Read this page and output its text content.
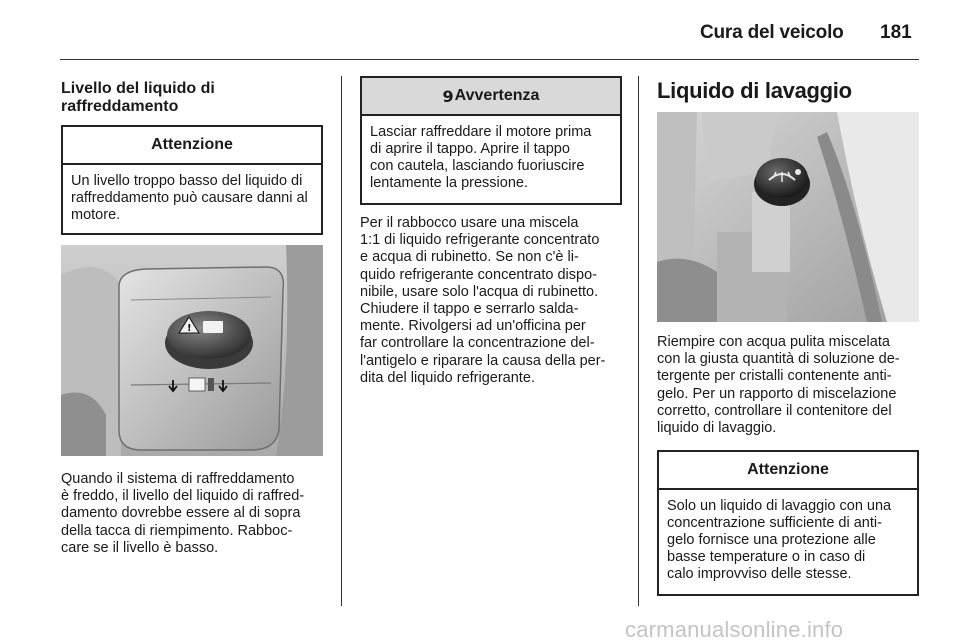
Cura del veicolo 181
Livello del liquido di raffreddamento
Attenzione
Un livello troppo basso del liquido di raffreddamento può causare danni al motore.
!
Quando il sistema di raffreddamento
è freddo, il livello del liquido di raffred-
damento dovrebbe essere al di sopra
della tacca di riempimento. Rabboc-
care se il livello è basso.
9 Avvertenza
Lasciar raffreddare il motore prima
di aprire il tappo. Aprire il tappo
con cautela, lasciando fuoriuscire
lentamente la pressione.
Per il rabbocco usare una miscela
1:1 di liquido refrigerante concentrato
e acqua di rubinetto. Se non c'è li-
quido refrigerante concentrato dispo-
nibile, usare solo l'acqua di rubinetto.
Chiudere il tappo e serrarlo salda-
mente. Rivolgersi ad un'officina per
far controllare la concentrazione del-
l'antigelo e riparare la causa della per-
dita del liquido refrigerante.
Liquido di lavaggio
Riempire con acqua pulita miscelata
con la giusta quantità di soluzione de-
tergente per cristalli contenente anti-
gelo. Per un rapporto di miscelazione
corretto, controllare il contenitore del
liquido di lavaggio.
Attenzione
Solo un liquido di lavaggio con una
concentrazione sufficiente di anti-
gelo fornisce una protezione alle
basse temperature o in caso di
calo improvviso delle stesse.
carmanualsonline.info
